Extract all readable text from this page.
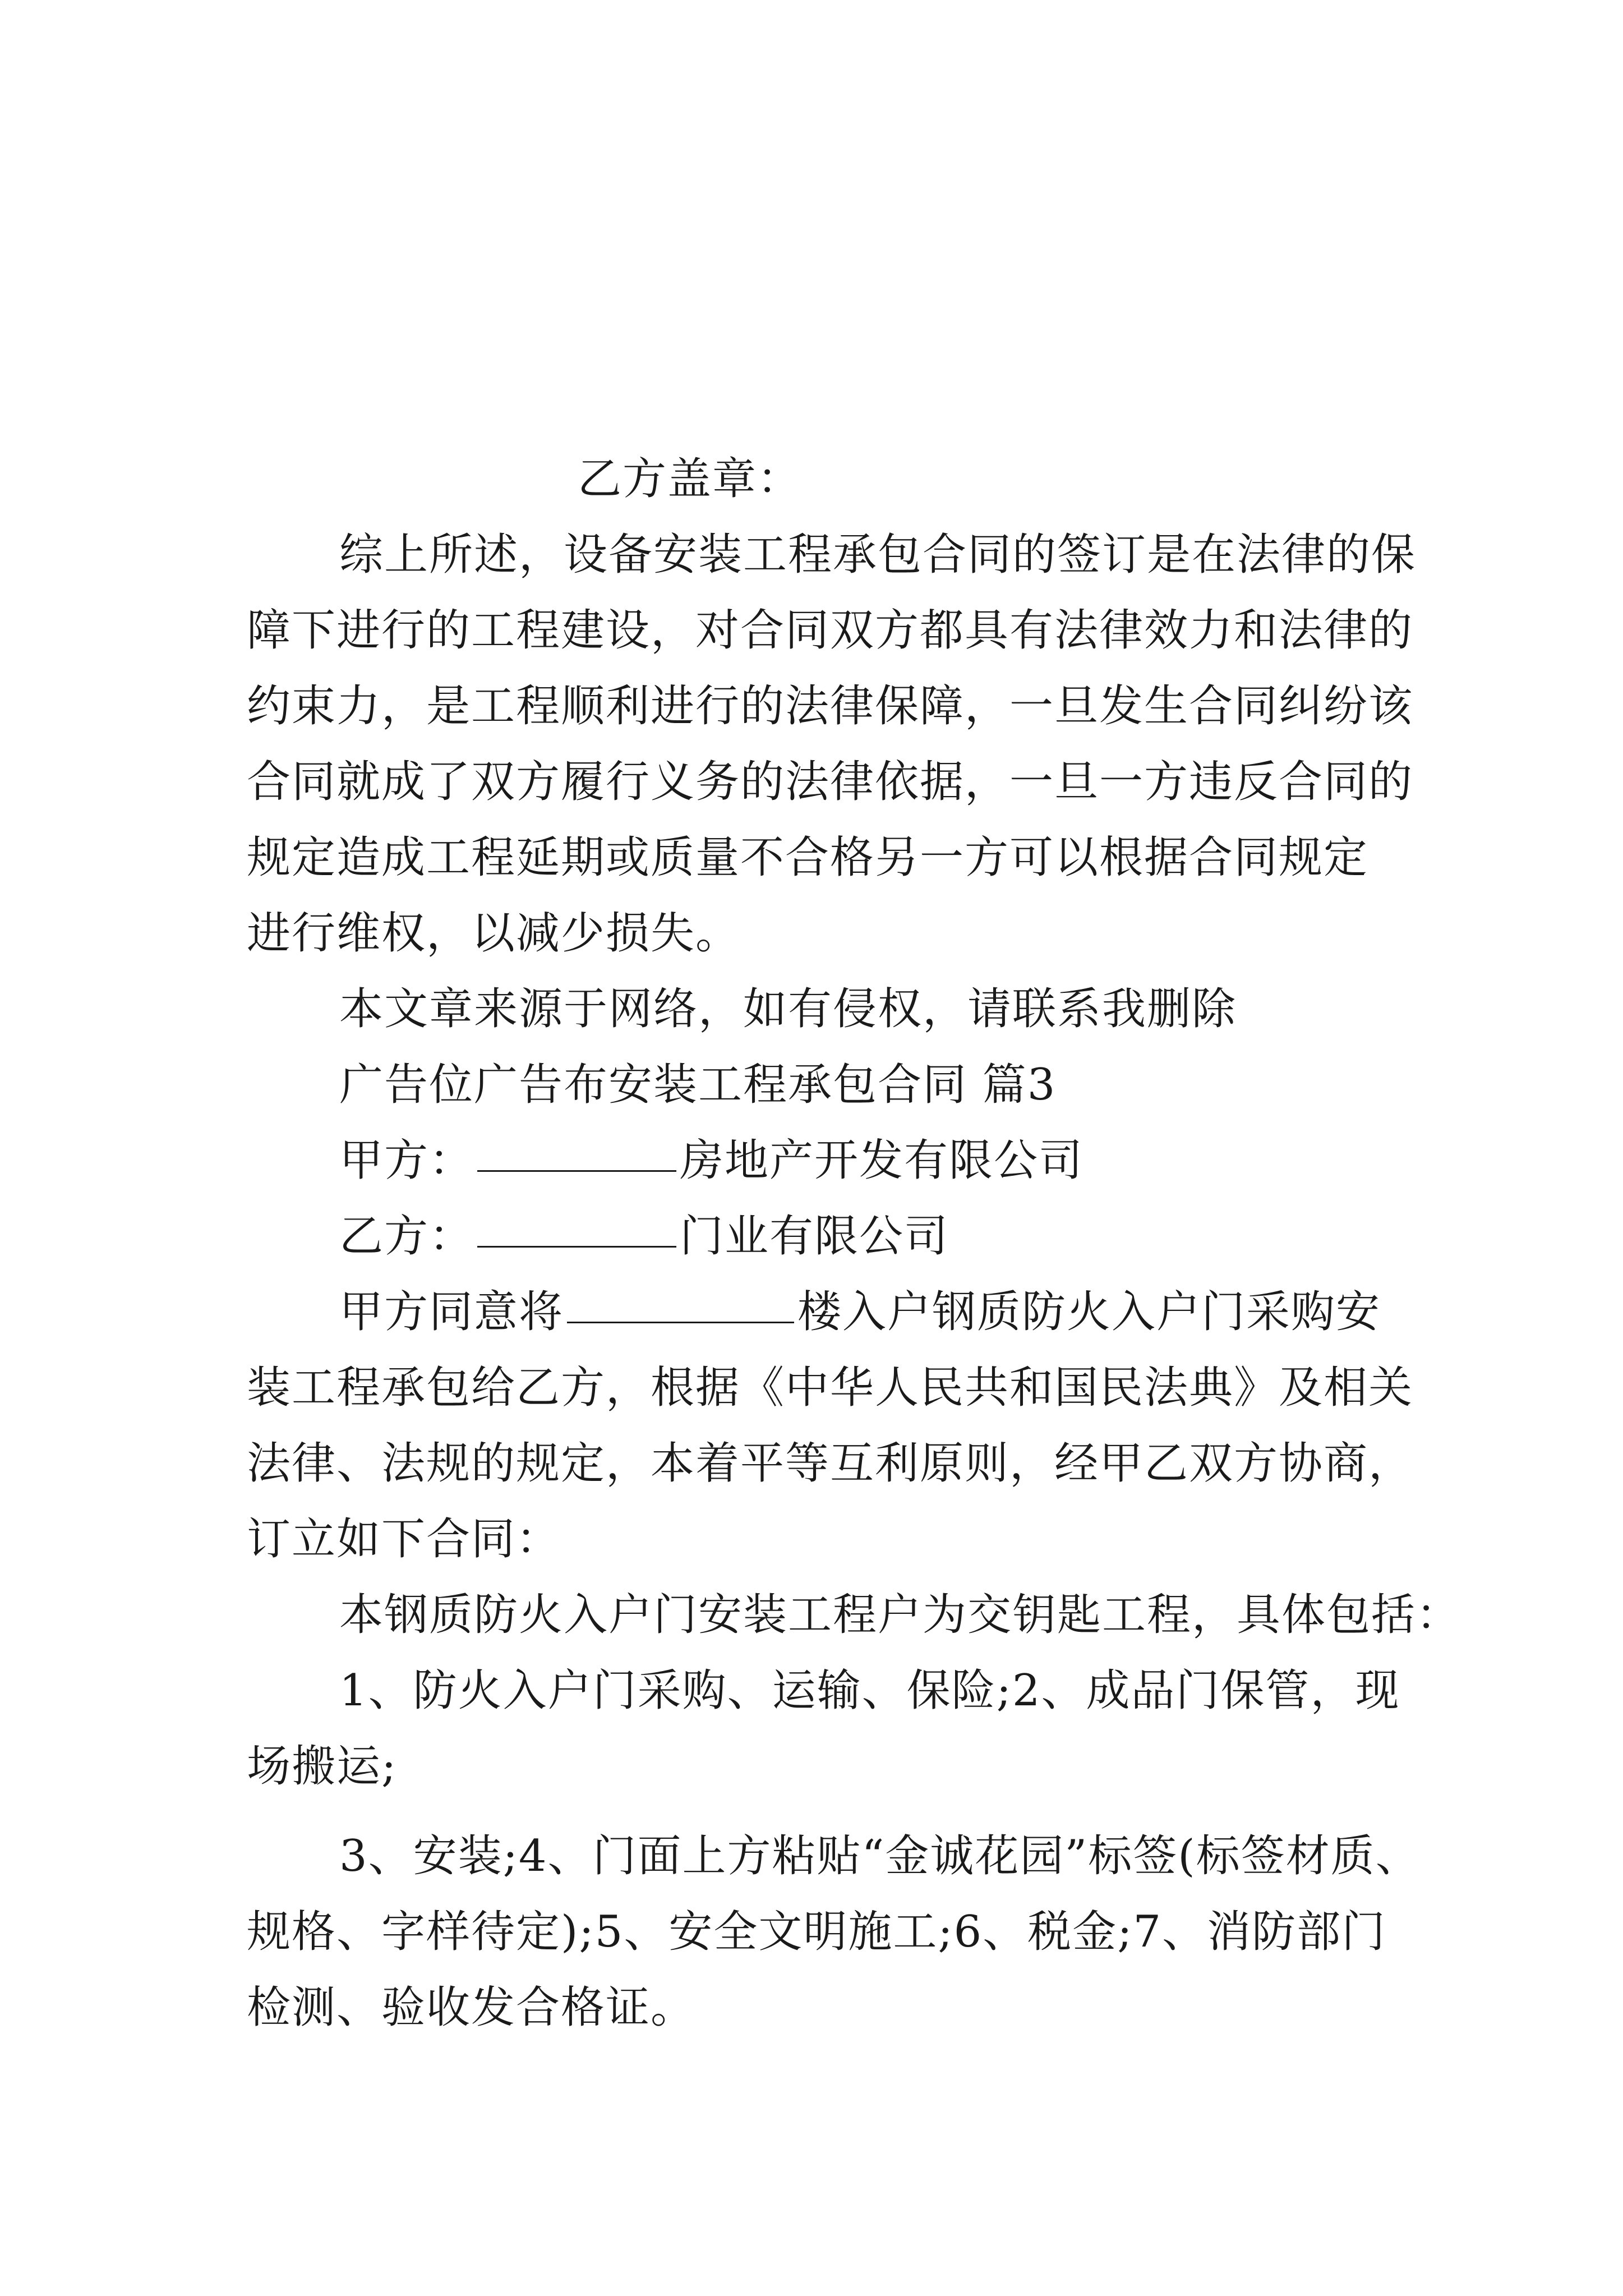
乙方盖章：
综上所述，设备安装工程承包合同的签订是在法律的保
障下进行的工程建设，对合同双方都具有法律效力和法律的
约束力，是工程顺利进行的法律保障，一旦发生合同纠纷该
合同就成了双方履行义务的法律依据，一旦一方违反合同的
规定造成工程延期或质量不合格另一方可以根据合同规定
进行维权，以减少损失。
本文章来源于网络，如有侵权，请联系我删除
广告位广告布安装工程承包合同 篇3
甲方：	房地产开发有限公司
乙方：	门业有限公司
甲方同意将	楼入户钢质防火入户门采购安
装工程承包给乙方，根据《中华人民共和国民法典》及相关
法律、法规的规定，本着平等互利原则，经甲乙双方协商，
订立如下合同：
本钢质防火入户门安装工程户为交钥匙工程，具体包括：
1、防火入户门采购、运输、保险;2、成品门保管，现
场搬运;
3、安装;4、门面上方粘贴“金诚花园”标签(标签材质、
规格、字样待定);5、安全文明施工;6、税金;7、消防部门
检测、验收发合格证。
